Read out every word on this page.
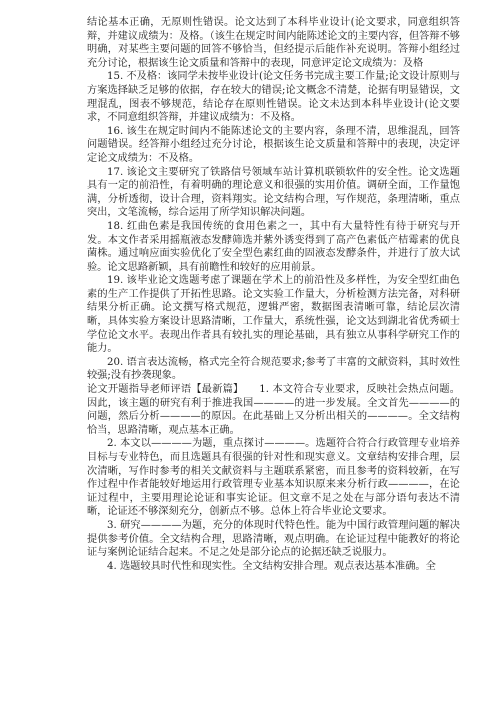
结论基本正确，无原则性错误。论文达到了本科毕业设计(论文要求，同意组织答辩，并建议成绩为：及格。（该生在规定时间内能陈述论文的主要内容，但答辩不够明确，对某些主要问题的回答不够恰当，但经提示后能作补充说明。答辩小组经过充分讨论，根据该生论文质量和答辩中的表现，同意评定论文成绩为：及格

15. 不及格：该同学未按毕业设计(论文任务书完成主要工作量;论文设计原则与方案选择缺乏足够的依据，存在较大的错误;论文概念不清楚，论据有明显错误，文理混乱，图表不够规范，结论存在原则性错误。论文未达到本科毕业设计(论文要求，不同意组织答辩，并建议成绩为：不及格。

16. 该生在规定时间内不能陈述论文的主要内容，条理不清，思维混乱，回答问题错误。经答辩小组经过充分讨论，根据该生论文质量和答辩中的表现，决定评定论文成绩为：不及格。

17. 该论文主要研究了铁路信号领域车站计算机联锁软件的安全性。论文选题具有一定的前沿性，有着明确的理论意义和很强的实用价值。调研全面，工作量饱满，分析透彻，设计合理，资料翔实。论文结构合理，写作规范，条理清晰，重点突出，文笔流畅，综合运用了所学知识解决问题。

18. 红曲色素是我国传统的食用色素之一，其中有大量特性有待于研究与开发。本文作者采用摇瓶液态发酵筛选并紫外诱变得到了高产色素低产桔霉素的优良菌株。通过响应面实验优化了安全型色素红曲的固液态发酵条件，并进行了放大试验。论文思路新颖，具有前瞻性和较好的应用前景。

19. 该毕业论文选题考虑了课题在学术上的前沿性及多样性，为安全型红曲色素的生产工作提供了开拓性思路。论文实验工作量大，分析检测方法完备，对科研结果分析正确。论文撰写格式规范，逻辑严密，数据图表清晰可靠，结论层次清晰，具体实验方案设计思路清晰，工作量大，系统性强，论文达到湖北省优秀硕士学位论文水平。表现出作者具有较扎实的理论基础，具有独立从事科学研究工作的能力。

20. 语言表达流畅，格式完全符合规范要求;参考了丰富的文献资料，其时效性较强;没有抄袭现象。

论文开题指导老师评语【最新篇】　　1. 本文符合专业要求，反映社会热点问题。因此，该主题的研究有利于推进我国————的进一步发展。全文首先————的问题，然后分析————的原因。在此基础上又分析出相关的————。全文结构恰当，思路清晰，观点基本正确。

2. 本文以————为题，重点探讨————。选题符合符合行政管理专业培养目标与专业特色，而且选题具有很强的针对性和现实意义。文章结构安排合理，层次清晰，写作时参考的相关文献资料与主题联系紧密，而且参考的资料较新，在写作过程中作者能较好地运用行政管理专业基本知识原来来分析行政————，在论证过程中，主要用理论论证和事实论证。但文章不足之处在与部分语句表达不清晰，论证还不够深刻充分，创新点不够。总体上符合毕业论文要求。

3. 研究————为题，充分的体现时代特色性。能为中国行政管理问题的解决提供参考价值。全文结构合理，思路清晰，观点明确。在论证过程中能教好的将论证与案例论证结合起来。不足之处是部分论点的论据还缺乏说服力。

4. 选题较具时代性和现实性。全文结构安排合理。观点表达基本准确。全
